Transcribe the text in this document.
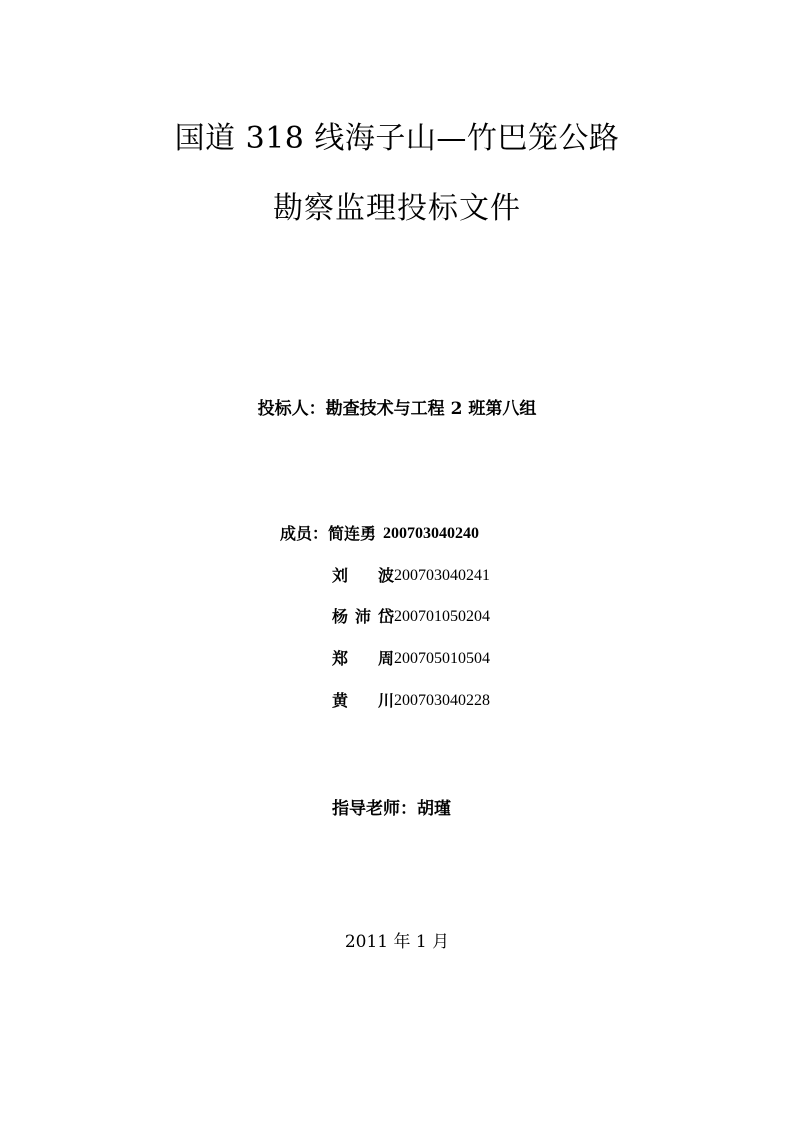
国道 318 线海子山—竹巴笼公路
勘察监理投标文件
投标人：勘查技术与工程 2 班第八组
成员：简连勇 200703040240
刘　波200703040241
杨沛岱200701050204
郑　周200705010504
黄　川200703040228
指导老师：胡瑾
2011 年 1 月
